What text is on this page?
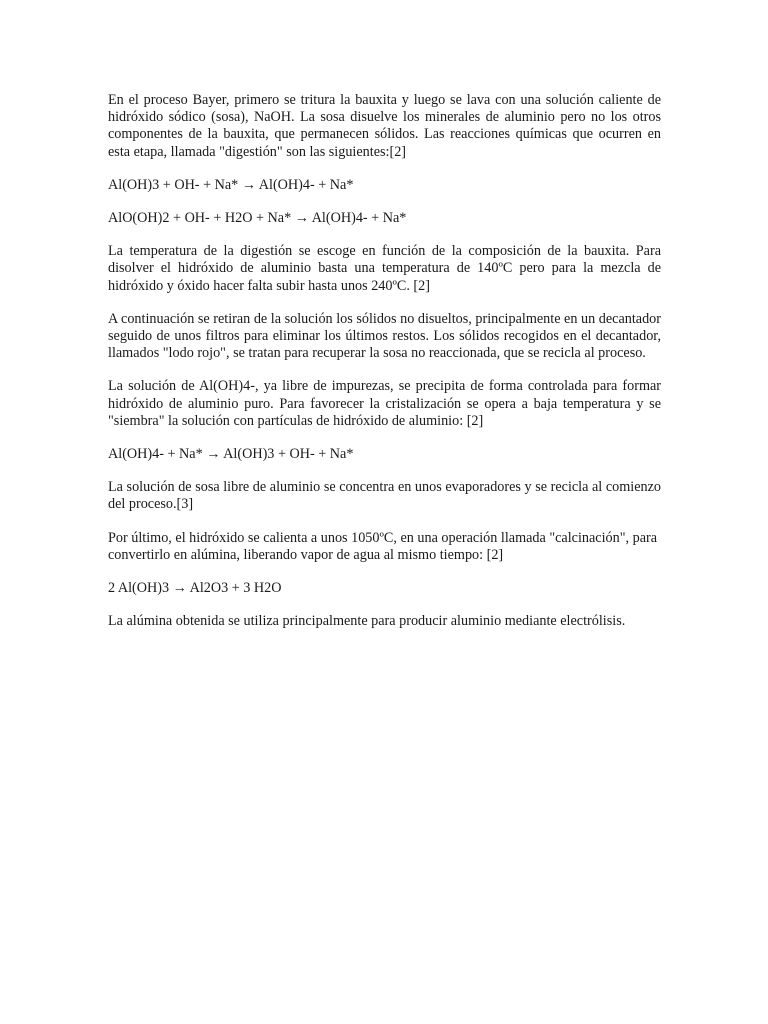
En el proceso Bayer, primero se tritura la bauxita y luego se lava con una solución caliente de hidróxido sódico (sosa), NaOH. La sosa disuelve los minerales de aluminio pero no los otros componentes de la bauxita, que permanecen sólidos. Las reacciones químicas que ocurren en esta etapa, llamada "digestión" son las siguientes:[2]

Al(OH)3 + OH- + Na* → Al(OH)4- + Na*

AlO(OH)2 + OH- + H2O + Na* → Al(OH)4- + Na*

La temperatura de la digestión se escoge en función de la composición de la bauxita. Para disolver el hidróxido de aluminio basta una temperatura de 140ºC pero para la mezcla de hidróxido y óxido hacer falta subir hasta unos 240ºC. [2]

A continuación se retiran de la solución los sólidos no disueltos, principalmente en un decantador seguido de unos filtros para eliminar los últimos restos. Los sólidos recogidos en el decantador, llamados "lodo rojo", se tratan para recuperar la sosa no reaccionada, que se recicla al proceso.

La solución de Al(OH)4-, ya libre de impurezas, se precipita de forma controlada para formar hidróxido de aluminio puro. Para favorecer la cristalización se opera a baja temperatura y se "siembra" la solución con partículas de hidróxido de aluminio: [2]

Al(OH)4- + Na* → Al(OH)3 + OH- + Na*

La solución de sosa libre de aluminio se concentra en unos evaporadores y se recicla al comienzo del proceso.[3]

Por último, el hidróxido se calienta a unos 1050ºC, en una operación llamada "calcinación", para convertirlo en alúmina, liberando vapor de agua al mismo tiempo: [2]

2 Al(OH)3 → Al2O3 + 3 H2O

La alúmina obtenida se utiliza principalmente para producir aluminio mediante electrólisis.
